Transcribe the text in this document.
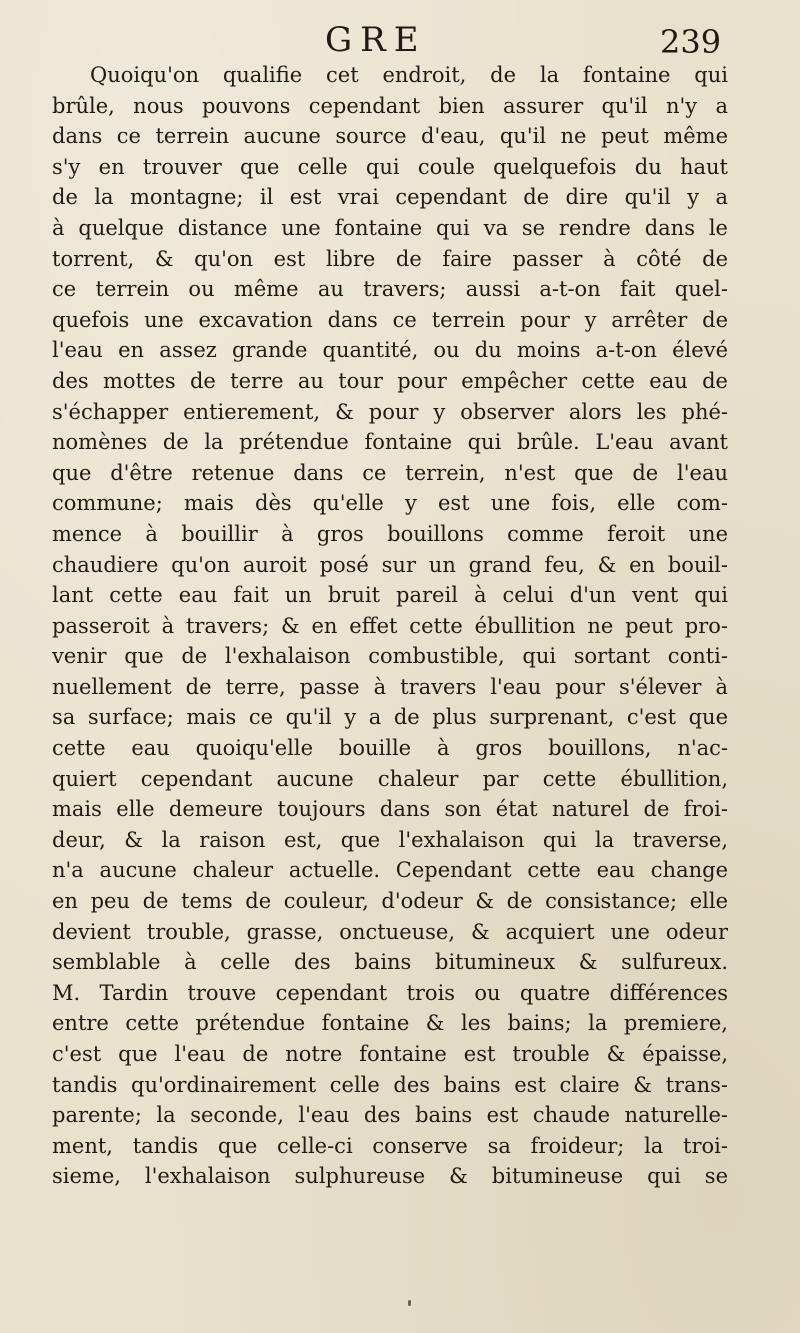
GRE	239
Quoiqu'on qualifie cet endroit, de la fontaine qui
brûle, nous pouvons cependant bien assurer qu'il n'y a
dans ce terrein aucune source d'eau, qu'il ne peut même
s'y en trouver que celle qui coule quelquefois du haut
de la montagne; il est vrai cependant de dire qu'il y a
à quelque distance une fontaine qui va se rendre dans le
torrent, & qu'on est libre de faire passer à côté de
ce terrein ou même au travers; aussi a-t-on fait quel-
quefois une excavation dans ce terrein pour y arrêter de
l'eau en assez grande quantité, ou du moins a-t-on élevé
des mottes de terre au tour pour empêcher cette eau de
s'échapper entierement, & pour y observer alors les phé-
nomènes de la prétendue fontaine qui brûle. L'eau avant
que d'être retenue dans ce terrein, n'est que de l'eau
commune; mais dès qu'elle y est une fois, elle com-
mence à bouillir à gros bouillons comme feroit une
chaudiere qu'on auroit posé sur un grand feu, & en bouil-
lant cette eau fait un bruit pareil à celui d'un vent qui
passeroit à travers; & en effet cette ébullition ne peut pro-
venir que de l'exhalaison combustible, qui sortant conti-
nuellement de terre, passe à travers l'eau pour s'élever à
sa surface; mais ce qu'il y a de plus surprenant, c'est que
cette eau quoiqu'elle bouille à gros bouillons, n'ac-
quiert cependant aucune chaleur par cette ébullition,
mais elle demeure toujours dans son état naturel de froi-
deur, & la raison est, que l'exhalaison qui la traverse,
n'a aucune chaleur actuelle. Cependant cette eau change
en peu de tems de couleur, d'odeur & de consistance; elle
devient trouble, grasse, onctueuse, & acquiert une odeur
semblable à celle des bains bitumineux & sulfureux.
M. Tardin trouve cependant trois ou quatre différences
entre cette prétendue fontaine & les bains; la premiere,
c'est que l'eau de notre fontaine est trouble & épaisse,
tandis qu'ordinairement celle des bains est claire & trans-
parente; la seconde, l'eau des bains est chaude naturelle-
ment, tandis que celle-ci conserve sa froideur; la troi-
sieme, l'exhalaison sulphureuse & bitumineuse qui se
